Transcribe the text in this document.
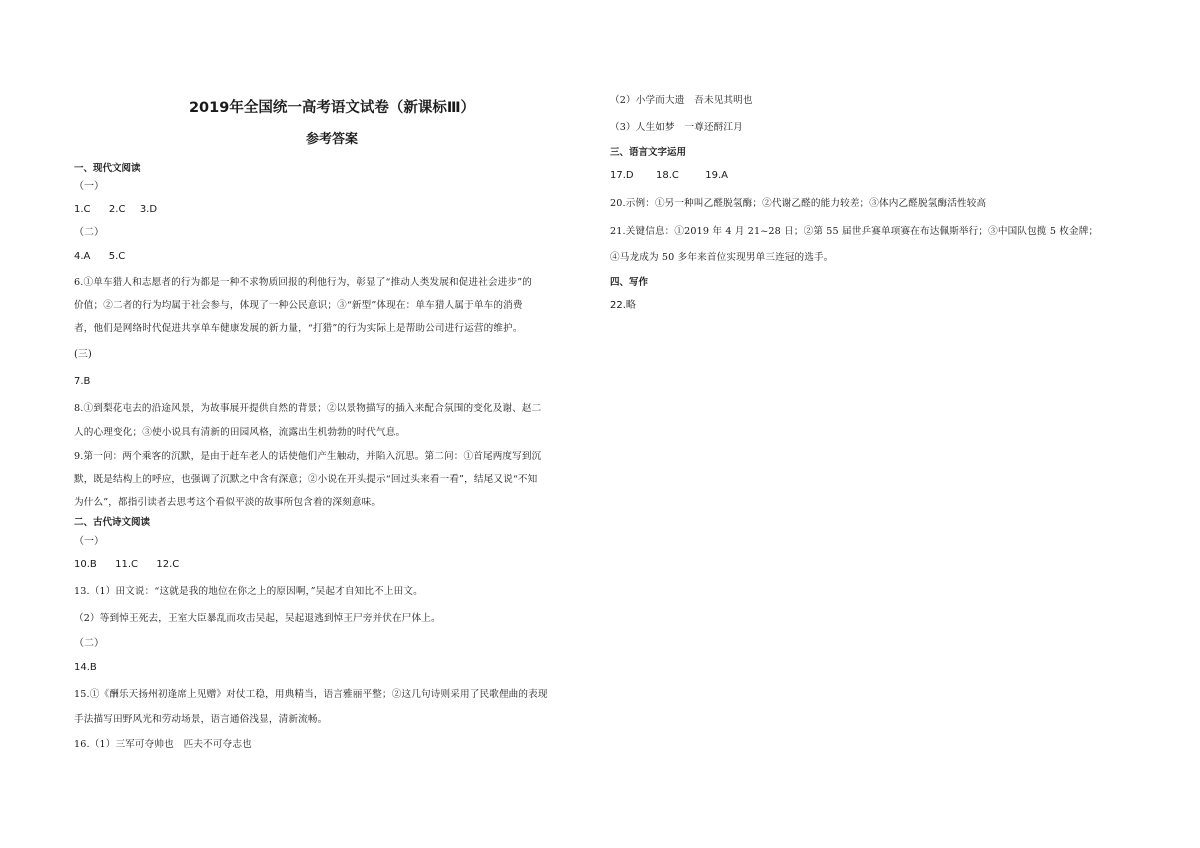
2019年全国统一高考语文试卷（新课标Ⅲ）
参考答案
一、现代文阅读
（一）
1.C 2.C 3.D
（二）
4.A 5.C
6.①单车猎人和志愿者的行为都是一种不求物质回报的利他行为，彰显了“推动人类发展和促进社会进步”的
价值；②二者的行为均属于社会参与，体现了一种公民意识；③“新型”体现在：单车猎人属于单车的消费
者，他们是网络时代促进共享单车健康发展的新力量，“打猎”的行为实际上是帮助公司进行运营的维护。
(三)
7.B
8.①到梨花屯去的沿途风景，为故事展开提供自然的背景；②以景物描写的插入来配合氛围的变化及谢、赵二
人的心理变化；③使小说具有清新的田园风格，流露出生机勃勃的时代气息。
9.第一问：两个乘客的沉默，是由于赶车老人的话使他们产生触动，并陷入沉思。第二问：①首尾两度写到沉
默，既是结构上的呼应，也强调了沉默之中含有深意；②小说在开头提示“回过头来看一看”，结尾又说“不知
为什么”，都指引读者去思考这个看似平淡的故事所包含着的深刻意味。
二、古代诗文阅读
（一）
10.B 11.C 12.C
13.（1）田文说：“这就是我的地位在你之上的原因啊，”吴起才自知比不上田文。
（2）等到悼王死去，王室大臣暴乱而攻击吴起，吴起退逃到悼王尸旁并伏在尸体上。
（二）
14.B
15.①《酬乐天扬州初逢席上见赠》对仗工稳，用典精当，语言雅丽平整；②这几句诗则采用了民歌俚曲的表现
手法描写田野风光和劳动场景，语言通俗浅显，清新流畅。
16.（1）三军可夺帅也　匹夫不可夺志也
（2）小学而大遗　吾未见其明也
（3）人生如梦　一尊还酹江月
三、语言文字运用
17.D 18.C	19.A
20.示例：①另一种叫乙醛脱氢酶；②代谢乙醛的能力较差；③体内乙醛脱氢酶活性较高
21.关键信息：①2019 年 4 月 21~28 日；②第 55 届世乒赛单项赛在布达佩斯举行；③中国队包揽 5 枚金牌；
④马龙成为 50 多年来首位实现男单三连冠的选手。
四、写作
22.略
